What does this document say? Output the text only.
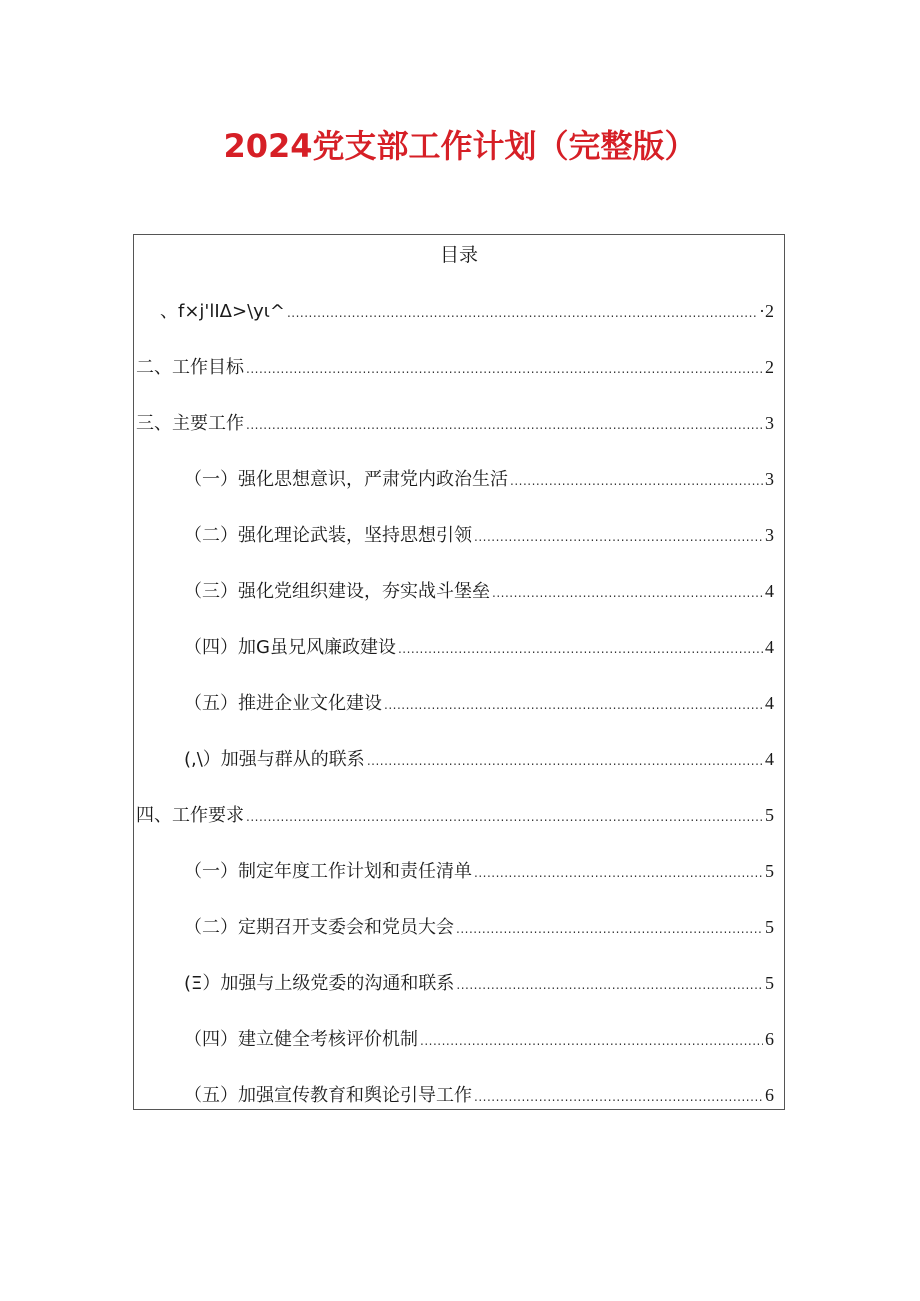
2024党支部工作计划（完整版）
目录
、f×j'lΙΔ>\yι^ .....	·2
二、工作目标 .....	2
三、主要工作 .....	3
（一）强化思想意识，严肃党内政治生活 .....	3
（二）强化理论武装，坚持思想引领 .....	3
（三）强化党组织建设，夯实战斗堡垒 .....	4
（四）加G虽兄风廉政建设 .....	4
（五）推进企业文化建设 .....	4
(,\）加强与群从的联系 .....	4
四、工作要求 .....	5
（一）制定年度工作计划和责任清单 .....	5
（二）定期召开支委会和党员大会 .....	5
(Ξ）加强与上级党委的沟通和联系 .....	5
（四）建立健全考核评价机制 .....	6
（五）加强宣传教育和舆论引导工作 .....	6
